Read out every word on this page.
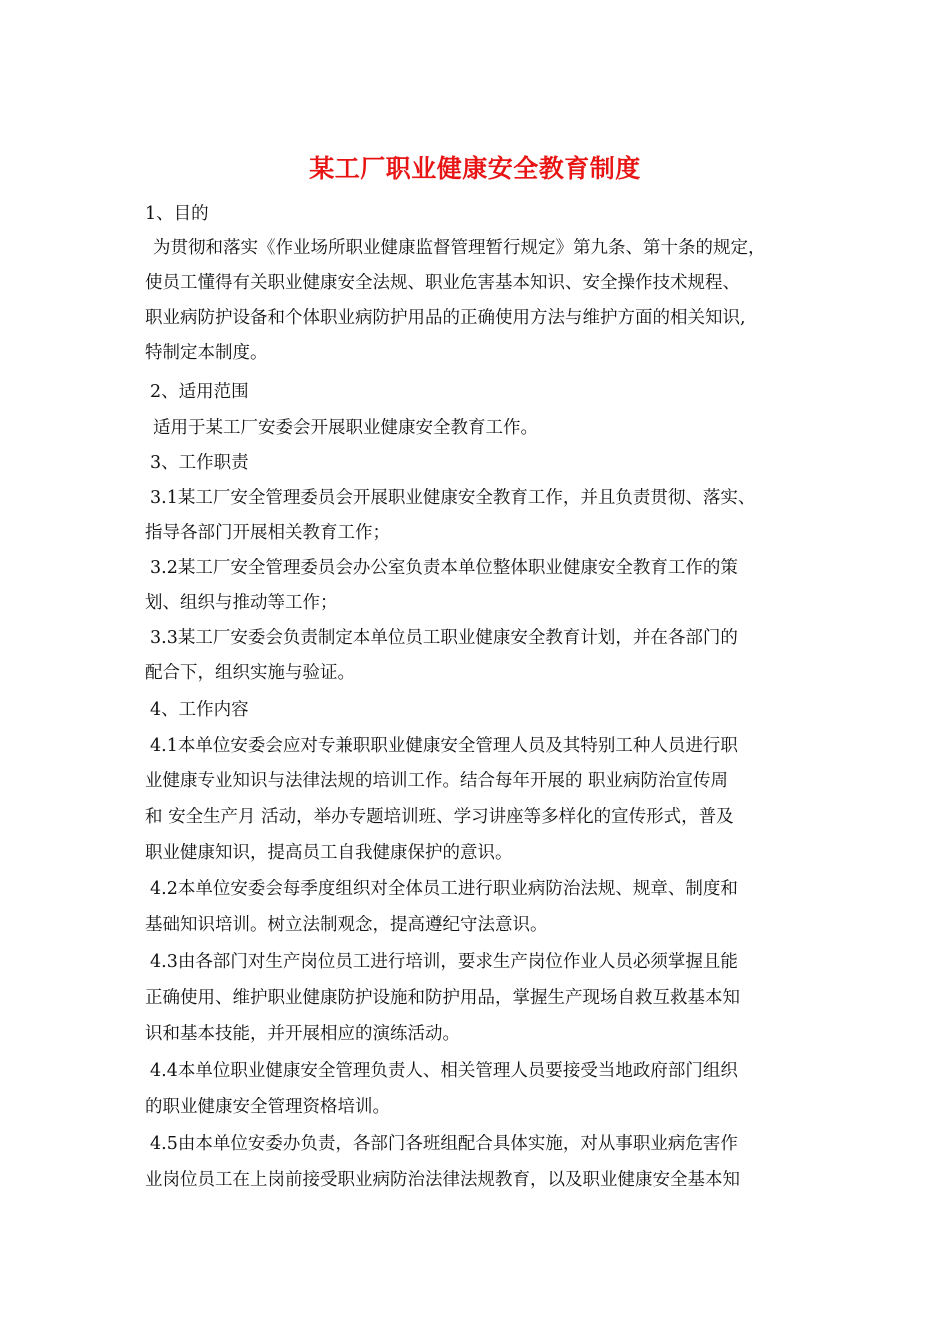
某工厂职业健康安全教育制度
1、目的
为贯彻和落实《作业场所职业健康监督管理暂行规定》第九条、第十条的规定，
使员工懂得有关职业健康安全法规、职业危害基本知识、安全操作技术规程、
职业病防护设备和个体职业病防护用品的正确使用方法与维护方面的相关知识,
特制定本制度。
2、适用范围
适用于某工厂安委会开展职业健康安全教育工作。
3、工作职责
3.1某工厂安全管理委员会开展职业健康安全教育工作，并且负责贯彻、落实、
指导各部门开展相关教育工作；
3.2某工厂安全管理委员会办公室负责本单位整体职业健康安全教育工作的策
划、组织与推动等工作；
3.3某工厂安委会负责制定本单位员工职业健康安全教育计划，并在各部门的
配合下，组织实施与验证。
4、工作内容
4.1本单位安委会应对专兼职职业健康安全管理人员及其特别工种人员进行职
业健康专业知识与法律法规的培训工作。结合每年开展的 职业病防治宣传周
和 安全生产月 活动，举办专题培训班、学习讲座等多样化的宣传形式，普及
职业健康知识，提高员工自我健康保护的意识。
4.2本单位安委会每季度组织对全体员工进行职业病防治法规、规章、制度和
基础知识培训。树立法制观念，提高遵纪守法意识。
4.3由各部门对生产岗位员工进行培训，要求生产岗位作业人员必须掌握且能
正确使用、维护职业健康防护设施和防护用品，掌握生产现场自救互救基本知
识和基本技能，并开展相应的演练活动。
4.4本单位职业健康安全管理负责人、相关管理人员要接受当地政府部门组织
的职业健康安全管理资格培训。
4.5由本单位安委办负责，各部门各班组配合具体实施，对从事职业病危害作
业岗位员工在上岗前接受职业病防治法律法规教育，以及职业健康安全基本知
